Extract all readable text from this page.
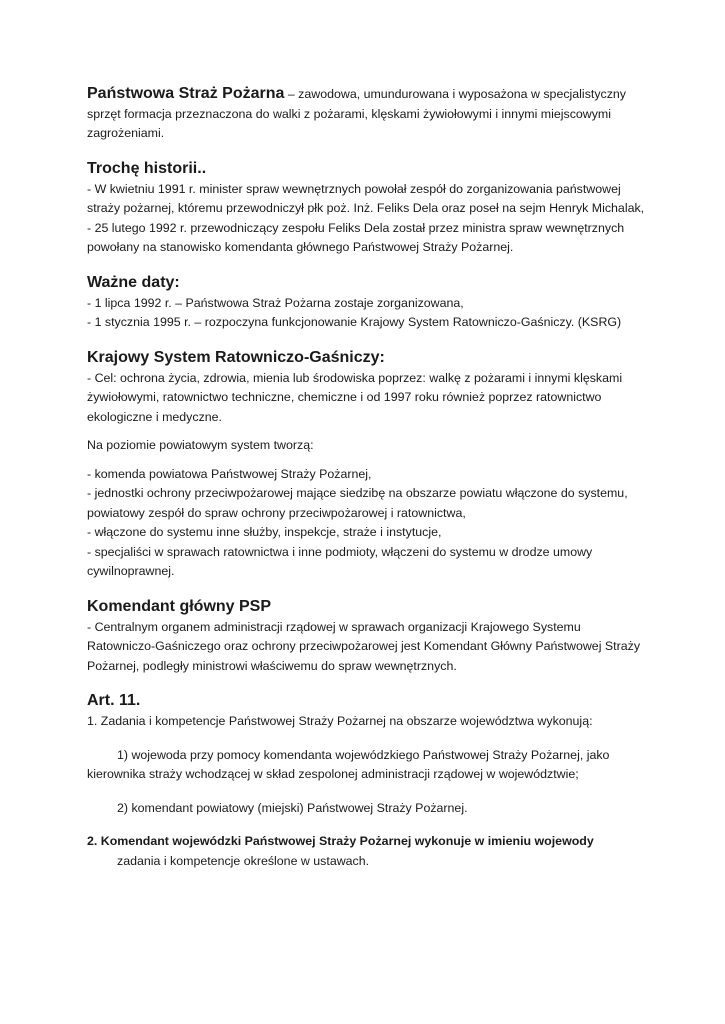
Państwowa Straż Pożarna – zawodowa, umundurowana i wyposażona w specjalistyczny
sprzęt formacja przeznaczona do walki z pożarami, klęskami żywiołowymi i innymi miejscowymi
zagrożeniami.

Trochę historii..

- W kwietniu 1991 r. minister spraw wewnętrznych powołał zespół do zorganizowania państwowej
straży pożarnej, któremu przewodniczył płk poż. Inż. Feliks Dela oraz poseł na sejm Henryk Michalak,
- 25 lutego 1992 r. przewodniczący zespołu Feliks Dela został przez ministra spraw wewnętrznych
powołany na stanowisko komendanta głównego Państwowej Straży Pożarnej.

Ważne daty:

- 1 lipca 1992 r. – Państwowa Straż Pożarna zostaje zorganizowana,
- 1 stycznia 1995 r. – rozpoczyna funkcjonowanie Krajowy System Ratowniczo-Gaśniczy. (KSRG)

Krajowy System Ratowniczo-Gaśniczy:

- Cel: ochrona życia, zdrowia, mienia lub środowiska poprzez: walkę z pożarami i innymi klęskami
żywiołowymi, ratownictwo techniczne, chemiczne i od 1997 roku również poprzez ratownictwo
ekologiczne i medyczne.

Na poziomie powiatowym system tworzą:

- komenda powiatowa Państwowej Straży Pożarnej,
- jednostki ochrony przeciwpożarowej mające siedzibę na obszarze powiatu włączone do systemu,
powiatowy zespół do spraw ochrony przeciwpożarowej i ratownictwa,
- włączone do systemu inne służby, inspekcje, straże i instytucje,
- specjaliści w sprawach ratownictwa i inne podmioty, włączeni do systemu w drodze umowy
cywilnoprawnej.

Komendant główny PSP

- Centralnym organem administracji rządowej w sprawach organizacji Krajowego Systemu
Ratowniczo-Gaśniczego oraz ochrony przeciwpożarowej jest Komendant Główny Państwowej Straży
Pożarnej, podległy ministrowi właściwemu do spraw wewnętrznych.

Art. 11.

1. Zadania i kompetencje Państwowej Straży Pożarnej na obszarze województwa wykonują:

1) wojewoda przy pomocy komendanta wojewódzkiego Państwowej Straży Pożarnej, jako
kierownika straży wchodzącej w skład zespolonej administracji rządowej w województwie;

2) komendant powiatowy (miejski) Państwowej Straży Pożarnej.

2. Komendant wojewódzki Państwowej Straży Pożarnej wykonuje w imieniu wojewody
zadania i kompetencje określone w ustawach.
